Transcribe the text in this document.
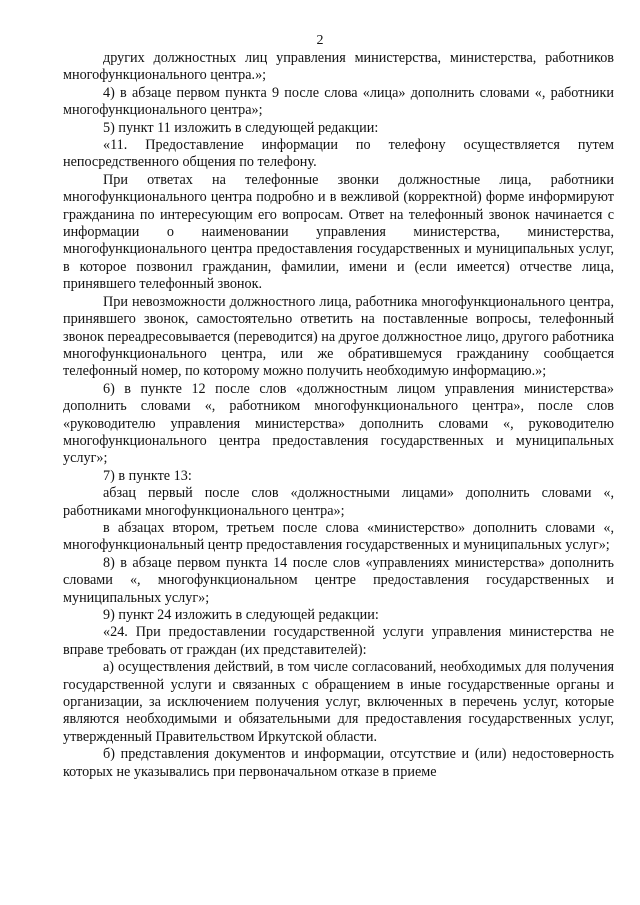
2

других должностных лиц управления министерства, министерства, работников многофункционального центра.»;

4) в абзаце первом пункта 9 после слова «лица» дополнить словами «, работники многофункционального центра»;

5) пункт 11 изложить в следующей редакции:

«11. Предоставление информации по телефону осуществляется путем непосредственного общения по телефону.

При ответах на телефонные звонки должностные лица, работники многофункционального центра подробно и в вежливой (корректной) форме информируют гражданина по интересующим его вопросам. Ответ на телефонный звонок начинается с информации о наименовании управления министерства, министерства, многофункционального центра предоставления государственных и муниципальных услуг, в которое позвонил гражданин, фамилии, имени и (если имеется) отчестве лица, принявшего телефонный звонок.

При невозможности должностного лица, работника многофункционального центра, принявшего звонок, самостоятельно ответить на поставленные вопросы, телефонный звонок переадресовывается (переводится) на другое должностное лицо, другого работника многофункционального центра, или же обратившемуся гражданину сообщается телефонный номер, по которому можно получить необходимую информацию.»;

6) в пункте 12 после слов «должностным лицом управления министерства» дополнить словами «, работником многофункционального центра», после слов «руководителю управления министерства» дополнить словами «, руководителю многофункционального центра предоставления государственных и муниципальных услуг»;

7) в пункте 13:

абзац первый после слов «должностными лицами» дополнить словами «, работниками многофункционального центра»;

в абзацах втором, третьем после слова «министерство» дополнить словами «, многофункциональный центр предоставления государственных и муниципальных услуг»;

8) в абзаце первом пункта 14 после слов «управлениях министерства» дополнить словами «, многофункциональном центре предоставления государственных и муниципальных услуг»;

9) пункт 24 изложить в следующей редакции:

«24. При предоставлении государственной услуги управления министерства не вправе требовать от граждан (их представителей):

а) осуществления действий, в том числе согласований, необходимых для получения государственной услуги и связанных с обращением в иные государственные органы и организации, за исключением получения услуг, включенных в перечень услуг, которые являются необходимыми и обязательными для предоставления государственных услуг, утвержденный Правительством Иркутской области.

б) представления документов и информации, отсутствие и (или) недостоверность которых не указывались при первоначальном отказе в приеме
